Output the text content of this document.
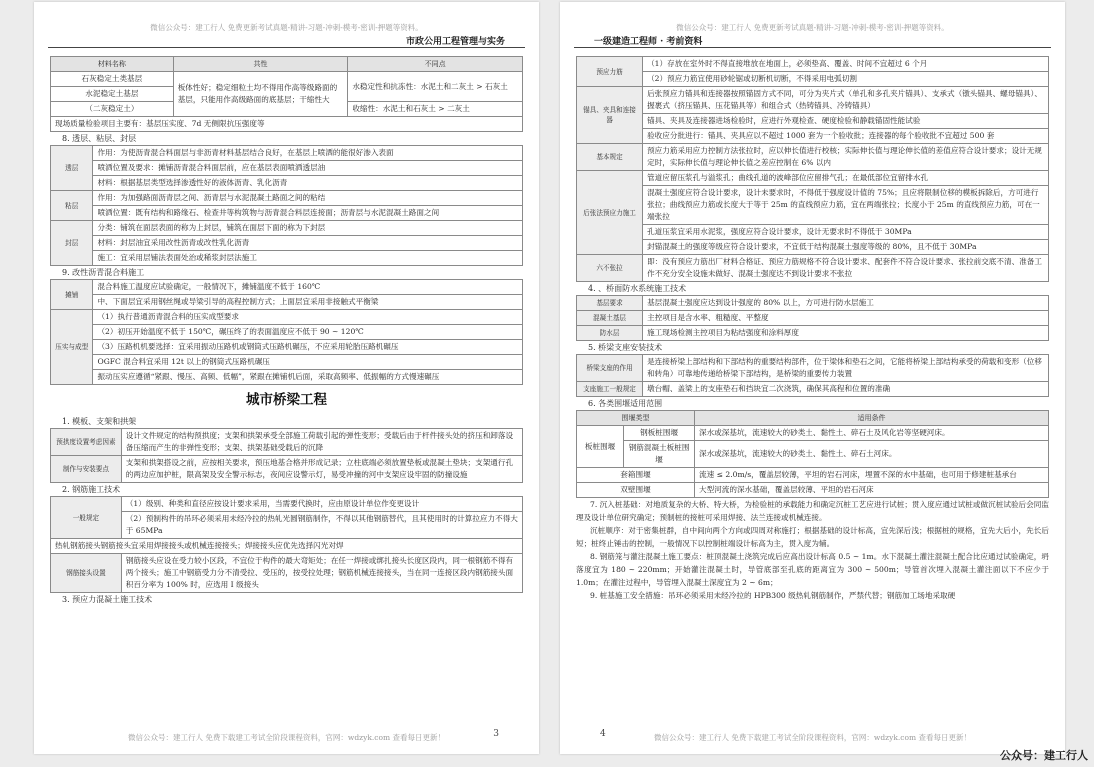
微信公众号：建工行人 免费更新考试真题-精讲-习题-冲刺-模考-密训-押题等资料。
市政公用工程管理与实务
材料名称	共性	不同点
石灰稳定土类基层	板体性好；稳定细粒土均不得用作高等级路面的基层，只能用作高级路面的底基层；干缩性大	水稳定性和抗冻性：水泥土和二灰土 > 石灰土
水泥稳定土基层		
（二灰稳定土）		收缩性：水泥土和石灰土 > 二灰土
现场质量检验项目主要有：基层压实度、7d 无侧限抗压强度等		
8. 透层、粘层、封层
透层	作用：为使沥青混合料面层与非沥青材料基层结合良好，在基层上喷洒的能很好渗入表面
	喷洒位置及要求：摊铺沥青混合料面层前，应在基层表面喷洒透层油
	材料：根据基层类型选择渗透性好的液体沥青、乳化沥青
粘层	作用：为加强路面沥青层之间、沥青层与水泥混凝土路面之间的粘结
	喷洒位置：既有结构和路缘石、检查井等构筑物与沥青混合料层连接面；沥青层与水泥混凝土路面之间
封层	分类：铺筑在面层表面的称为上封层，铺筑在面层下面的称为下封层
	材料：封层油宜采用改性沥青或改性乳化沥青
	施工：宜采用层铺法表面处治或稀浆封层法施工
9. 改性沥青混合料施工
摊铺	混合料施工温度应试验确定，一般情况下，摊铺温度不低于 160℃
	中、下面层宜采用钢丝绳或导梁引导的高程控制方式；上面层宜采用非接触式平衡梁
压实与成型	（1）执行普通沥青混合料的压实成型要求
	（2）初压开始温度不低于 150℃，碾压终了的表面温度应不低于 90 ~ 120℃
	（3）压路机机要选择：宜采用振动压路机或钢筒式压路机碾压，不应采用轮胎压路机碾压
	OGFC 混合料宜采用 12t 以上的钢筒式压路机碾压
	振动压实应遵循“紧跟、慢压、高频、低幅”，紧跟在摊铺机后面，采取高频率、低振幅的方式慢速碾压
城市桥梁工程
1. 模板、支架和拱架
预拱度设置考虑因素	设计文件规定的结构预拱度；支架和拱架承受全部施工荷载引起的弹性变形；受载后由于杆件接头处的挤压和卸落设备压缩而产生的非弹性变形；支架、拱架基础受载后的沉降
制作与安装要点	支架和拱架搭设之前，应按相关要求，预压地基合格并形成记录；立柱底端必须放置垫板或混凝土垫块；支架通行孔的两边应加护桩，限高架及安全警示标志，夜间应设警示灯，易受冲撞的河中支架应设牢固的防撞设施
2. 钢筋施工技术
一般规定	（1）级别、种类和直径应按设计要求采用，当需要代换时，应由原设计单位作变更设计
	（2）预制构件的吊环必须采用未经冷拉的热轧光圆钢筋制作，不得以其他钢筋替代，且其使用时的计算拉应力不得大于 65MPa
热轧钢筋接头钢筋接头宜采用焊接接头或机械连接接头；焊接接头应优先选择闪光对焊	
钢筋接头设置	钢筋接头应设在受力较小区段，不宜位于构件的最大弯矩处；在任一焊接或绑扎接头长度区段内，同一根钢筋不得有两个接头；施工中钢筋受力分不清受拉、受压的，按受拉处理；钢筋机械连接接头，当在同一连接区段内钢筋接头面积百分率为 100% 时，应选用 I 级接头
3. 预应力混凝土施工技术
微信公众号：建工行人 免费下载建工考试全阶段课程资料，官网：wdzyk.com 查看每日更新！	3
微信公众号：建工行人 免费更新考试真题-精讲-习题-冲刺-模考-密训-押题等资料。
一级建造工程师 · 考前资料
预应力筋	（1）存放在室外时不得直接堆放在地面上，必须垫高、覆盖、时间不宜超过 6 个月
	（2）预应力筋宜使用砂轮锯或切断机切断，不得采用电弧切割
锚具、夹具和连接器	后张预应力锚具和连接器按照锚固方式不同，可分为夹片式（单孔和多孔夹片锚具）、支承式（镦头锚具、螺母锚具）、握裹式（挤压锚具、压花锚具等）和组合式（热铸锚具、冷铸锚具）
	锚具、夹具及连接器进场检验时，应进行外观检查、硬度检验和静载锚固性能试验
	验收应分批进行：锚具、夹具应以不超过 1000 套为一个验收批；连接器的每个验收批不宜超过 500 套
基本规定	预应力筋采用应力控制方法张拉时，应以伸长值进行校核；实际伸长值与理论伸长值的差值应符合设计要求；设计无规定时，实际伸长值与理论伸长值之差应控制在 6% 以内
后张法预应力施工	管道应留压浆孔与溢浆孔；曲线孔道的波峰部位应留排气孔；在最低部位宜留排水孔
	混凝土强度应符合设计要求，设计未要求时，不得低于强度设计值的 75%；且应将限制位移的模板拆除后，方可进行张拉；曲线预应力筋或长度大于等于 25m 的直线预应力筋，宜在两端张拉；长度小于 25m 的直线预应力筋，可在一端张拉
	孔道压浆宜采用水泥浆，强度应符合设计要求，设计无要求时不得低于 30MPa
	封锚混凝土的强度等级应符合设计要求，不宜低于结构混凝土强度等级的 80%，且不低于 30MPa
六不张拉	即：没有预应力筋出厂材料合格证、预应力筋规格不符合设计要求、配套件不符合设计要求、张拉前交底不清、准备工作不充分安全设施未做好、混凝土强度达不到设计要求不张拉
4. 、桥面防水系统施工技术
基层要求	基层混凝土强度应达到设计强度的 80% 以上，方可进行防水层施工
混凝土基层	主控项目是含水率、粗糙度、平整度
防水层	施工现场检测主控项目为粘结强度和涂料厚度
5. 桥梁支座安装技术
桥梁支座的作用	是连接桥梁上部结构和下部结构的重要结构部件，位于梁体和垫石之间，它能将桥梁上部结构承受的荷载和变形（位移和转角）可靠地传递给桥梁下部结构，是桥梁的重要传力装置
支座施工一般规定	墩台帽、盖梁上的支座垫石和挡块宜二次浇筑，确保其高程和位置的准确
6. 各类围堰适用范围
围堰类型		适用条件
板桩围堰	钢板桩围堰	深水或深基坑，流速较大的砂类土、黏性土、碎石土及风化岩等坚硬河床。
	钢筋混凝土板桩围堰	深水或深基坑，流速较大的砂类土、黏性土、碎石土河床。
套箱围堰		流速 ≤ 2.0m/s，覆盖层较薄，平坦的岩石河床，埋置不深的水中基础，也可用于修建桩基承台
双壁围堰		大型河流的深水基础，覆盖层较薄、平坦的岩石河床
7. 沉入桩基础：对地质复杂的大桥、特大桥，为检验桩的承载能力和确定沉桩工艺应进行试桩；贯入度应通过试桩或做沉桩试验后会同监理及设计单位研究确定；预制桩的接桩可采用焊接、法兰连接或机械连接。
沉桩顺序：对于密集桩群，自中间向两个方向或四周对称施打；根据基础的设计标高，宜先深后浅；根据桩的规格，宜先大后小，先长后短；桩终止锤击的控制，一般情况下以控制桩端设计标高为主，贯入度为辅。
8. 钢筋笼与灌注混凝土施工要点：桩顶混凝土浇筑完成后应高出设计标高 0.5 ~ 1m。水下混凝土灌注混凝土配合比应通过试验确定，坍落度宜为 180 ~ 220mm；开始灌注混凝土时，导管底部至孔底的距离宜为 300 ~ 500m；导管首次埋入混凝土灌注面以下不应少于 1.0m；在灌注过程中，导管埋入混凝土深度宜为 2 ~ 6m；
9. 桩基施工安全措施：吊环必须采用未经冷拉的 HPB300 级热轧钢筋制作，严禁代替；钢筋加工场地采取硬
微信公众号：建工行人 免费下载建工考试全阶段课程资料，官网：wdzyk.com 查看每日更新！
4
公众号：建工行人
